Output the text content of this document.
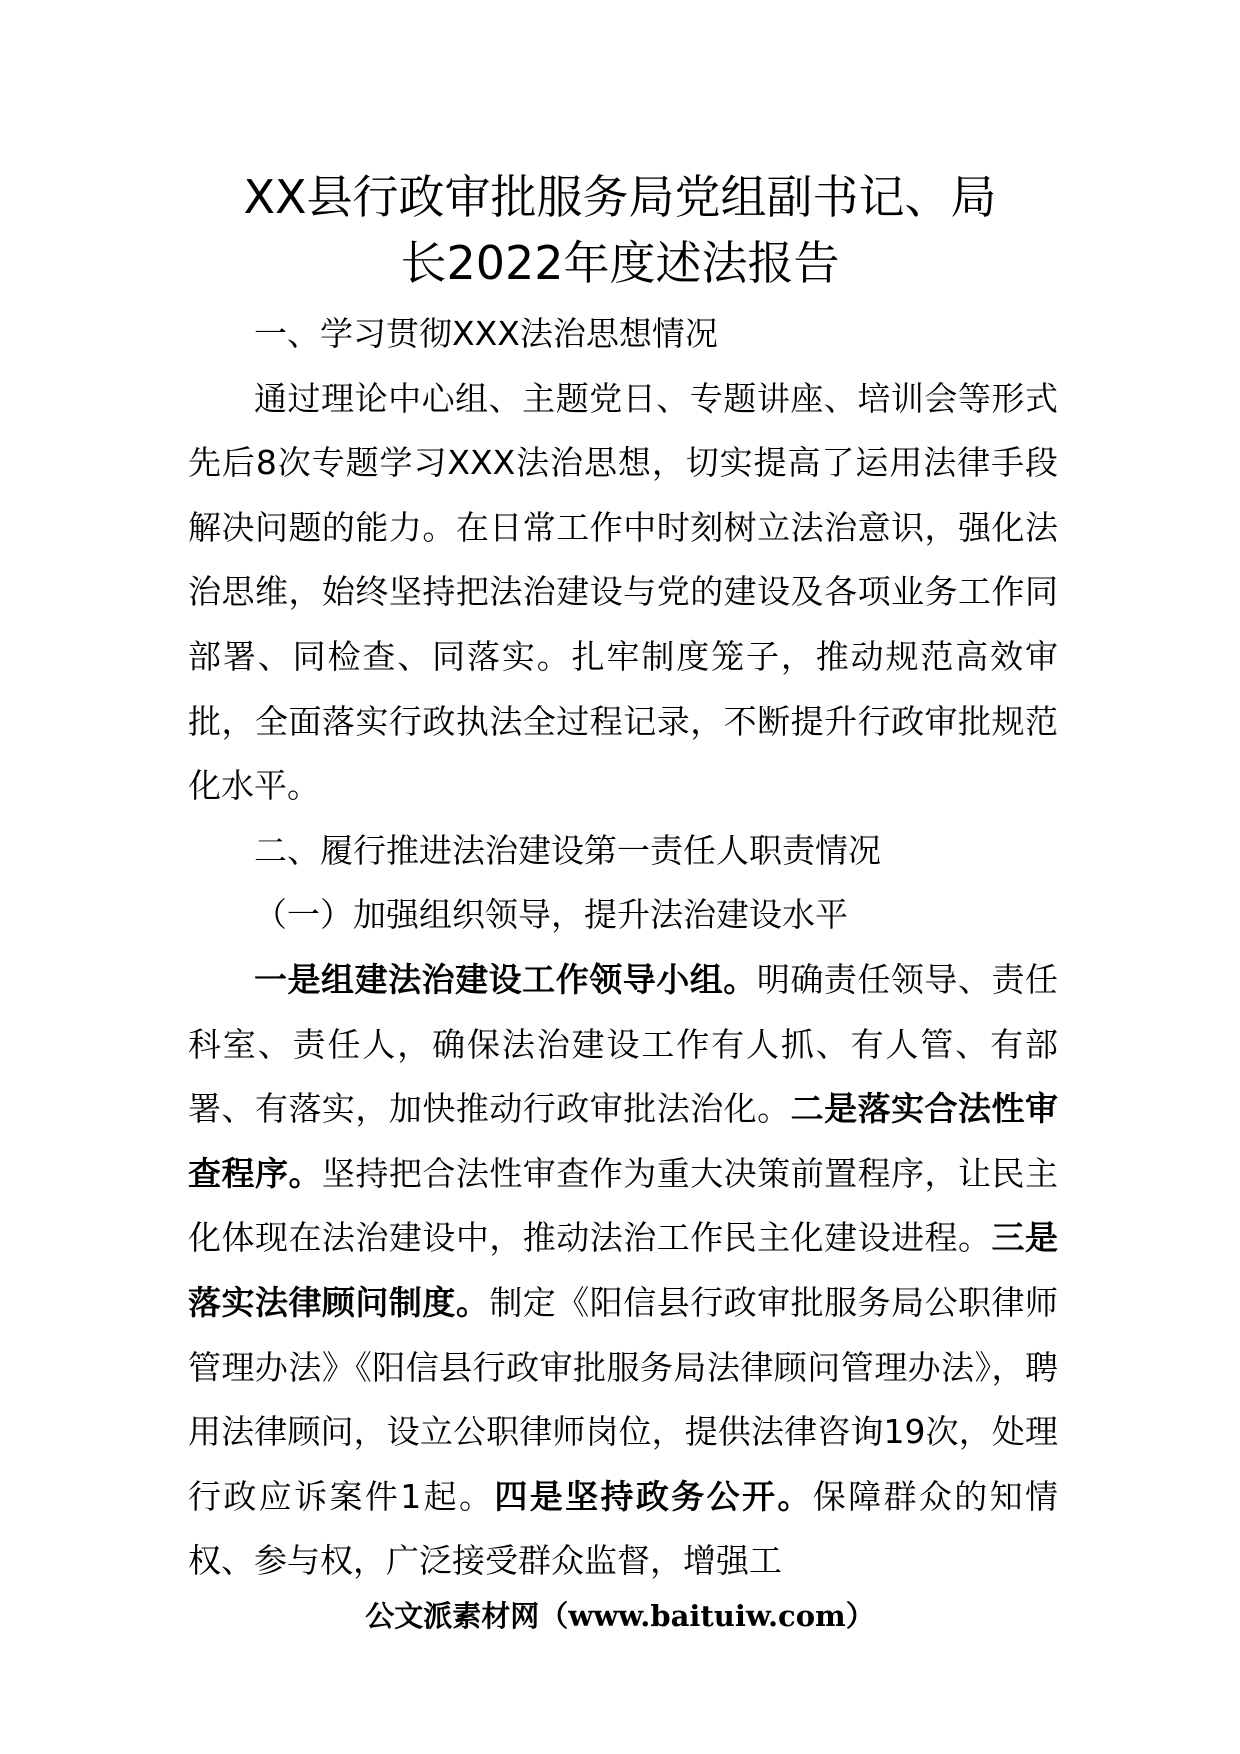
XX县行政审批服务局党组副书记、局
长2022年度述法报告

一、学习贯彻XXX法治思想情况

通过理论中心组、主题党日、专题讲座、培训会等形式先后8次专题学习XXX法治思想，切实提高了运用法律手段解决问题的能力。在日常工作中时刻树立法治意识，强化法治思维，始终坚持把法治建设与党的建设及各项业务工作同部署、同检查、同落实。扎牢制度笼子，推动规范高效审批，全面落实行政执法全过程记录，不断提升行政审批规范化水平。

二、履行推进法治建设第一责任人职责情况

（一）加强组织领导，提升法治建设水平

一是组建法治建设工作领导小组。明确责任领导、责任科室、责任人，确保法治建设工作有人抓、有人管、有部署、有落实，加快推动行政审批法治化。二是落实合法性审查程序。坚持把合法性审查作为重大决策前置程序，让民主化体现在法治建设中，推动法治工作民主化建设进程。三是落实法律顾问制度。制定《阳信县行政审批服务局公职律师管理办法》《阳信县行政审批服务局法律顾问管理办法》，聘用法律顾问，设立公职律师岗位，提供法律咨询19次，处理行政应诉案件1起。四是坚持政务公开。保障群众的知情权、参与权，广泛接受群众监督，增强工

公文派素材网（www.baituiw.com）
